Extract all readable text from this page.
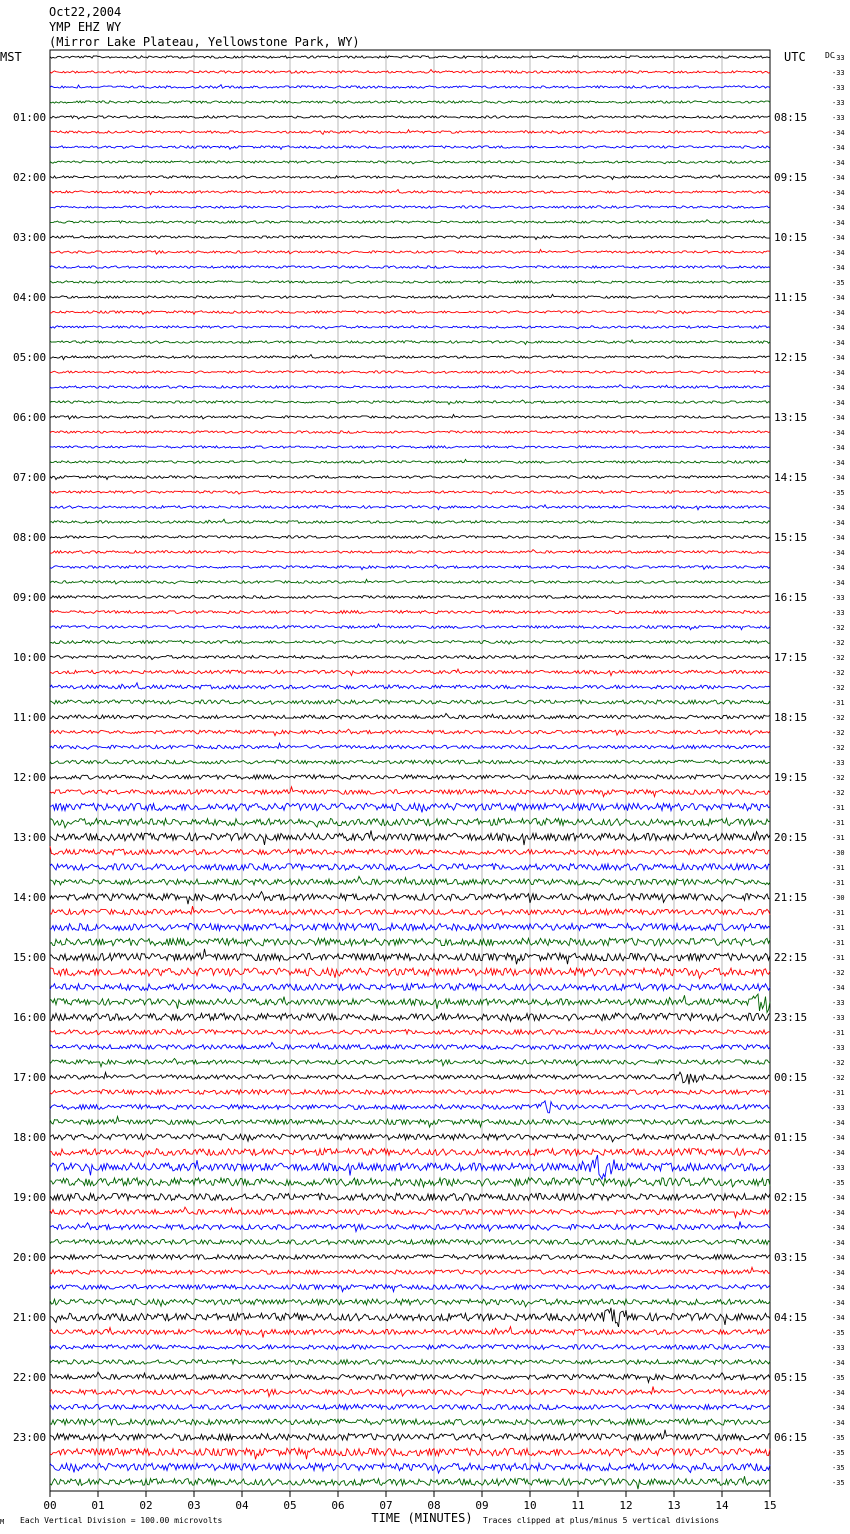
Oct22,2004
YMP EHZ WY
(Mirror Lake Plateau, Yellowstone Park, WY)
MST	UTC DC
01:00
02:00
03:00
04:00
05:00
06:00
07:00
08:00
09:00
10:00
11:00
12:00
13:00
14:00
15:00
16:00
17:00
18:00
19:00
20:00
21:00
22:00
23:00
08:15
09:15
10:15
11:15
12:15
13:15
14:15
15:15
16:15
17:15
18:15
19:15
20:15
21:15
22:15
23:15
00:15
01:15
02:15
03:15
04:15
05:15
06:15
-33
-33
-33
-33
-33
-34
-34
-34
-34
-34
-34
-34
-34
-34
-34
-35
-34
-34
-34
-34
-34
-34
-34
-34
-34
-34
-34
-34
-34
-35
-34
-34
-34
-34
-34
-34
-33
-33
-32
-32
-32
-32
-32
-31
-32
-32
-32
-33
-32
-32
-31
-31
-31
-30
-31
-31
-30
-31
-31
-31
-31
-32
-34
-33
-33
-31
-33
-32
-32
-31
-33
-34
-34
-34
-33
-35
-34
-34
-34
-34
-34
-34
-34
-34
-34
-35
-33
-34
-35
-34
-34
-34
-35
-35
-35
-35
00	01	02	03	04	05	06	07	08	09	10	11	12	13	14	15
TIME (MINUTES)
M Each Vertical Division = 100.00 microvolts	Traces clipped at plus/minus 5 vertical divisions
